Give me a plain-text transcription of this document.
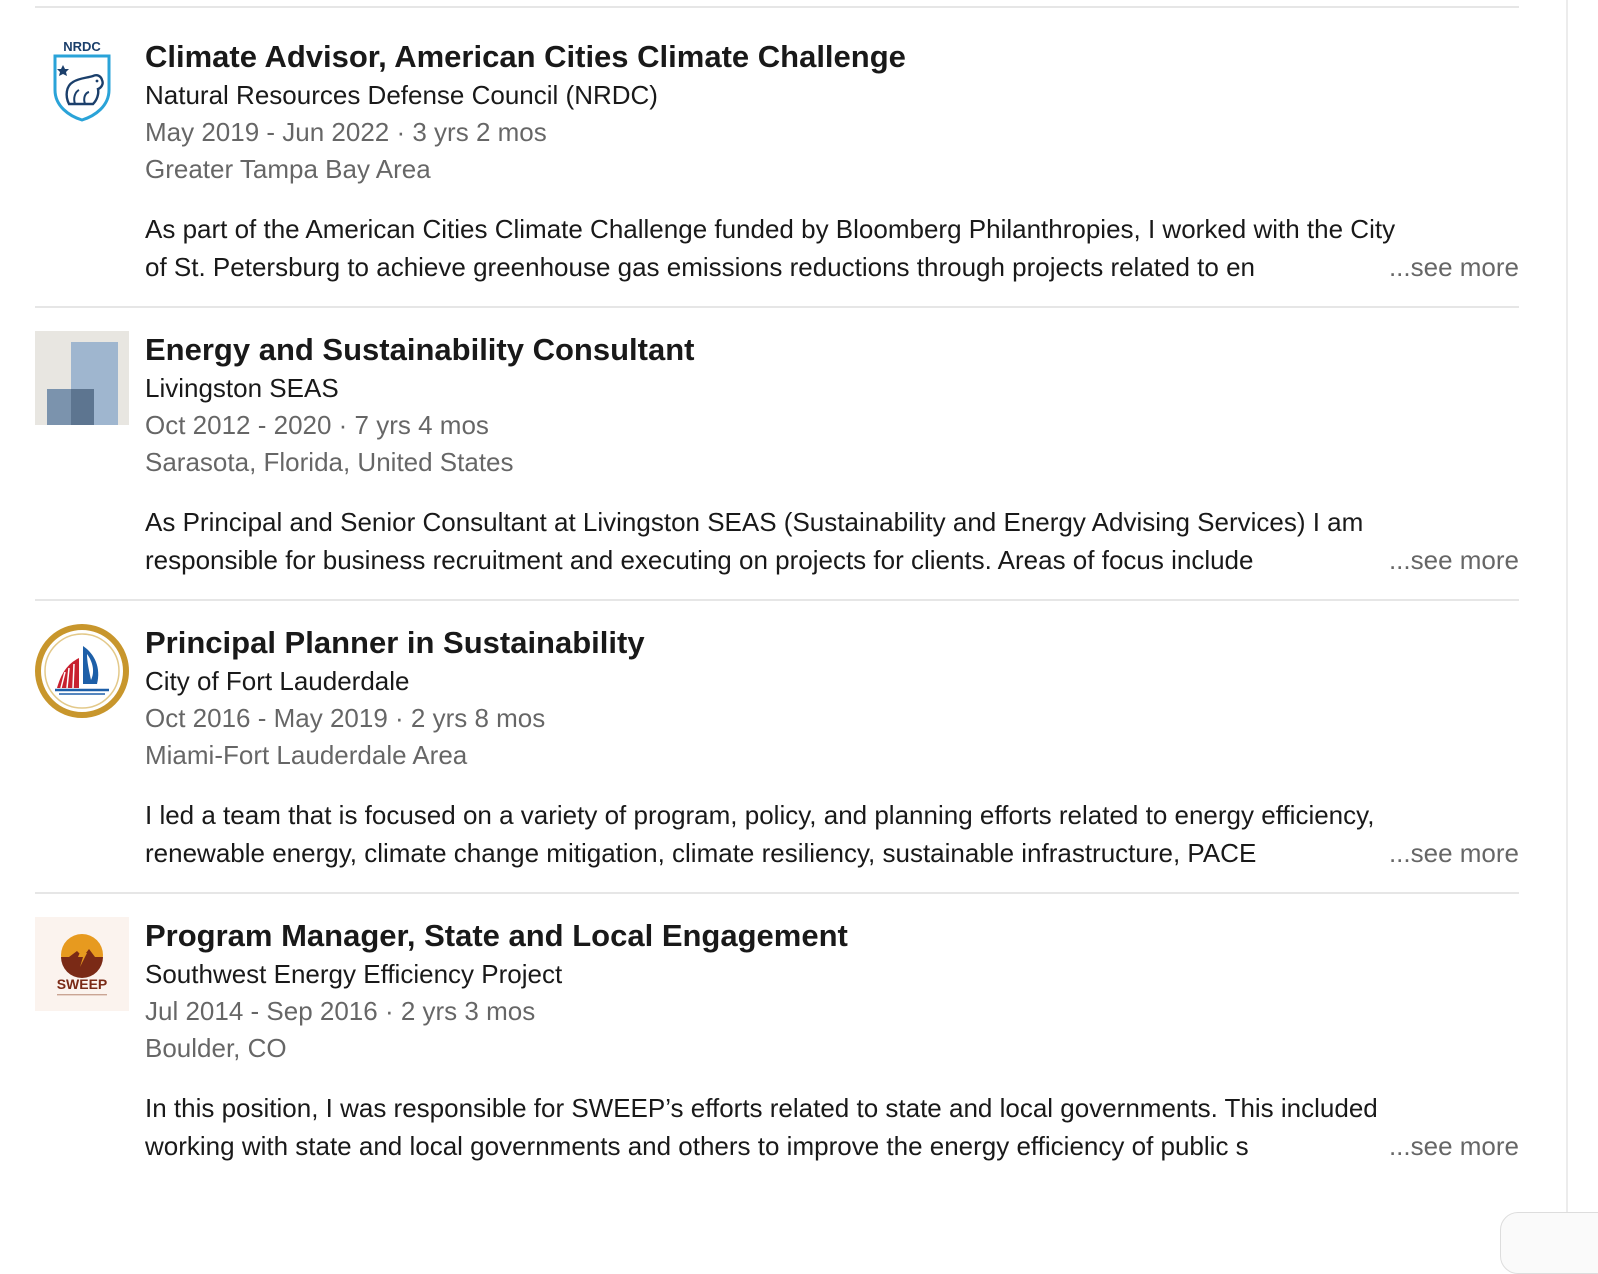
NRDC Climate Advisor, American Cities Climate Challenge
Natural Resources Defense Council (NRDC)
May 2019 - Jun 2022 · 3 yrs 2 mos
Greater Tampa Bay Area
As part of the American Cities Climate Challenge funded by Bloomberg Philanthropies, I worked with the City
of St. Petersburg to achieve greenhouse gas emissions reductions through projects related to en	...see more
Energy and Sustainability Consultant
Livingston SEAS
Oct 2012 - 2020 · 7 yrs 4 mos
Sarasota, Florida, United States
As Principal and Senior Consultant at Livingston SEAS (Sustainability and Energy Advising Services) I am
responsible for business recruitment and executing on projects for clients. Areas of focus include	...see more
Principal Planner in Sustainability
City of Fort Lauderdale
Oct 2016 - May 2019 · 2 yrs 8 mos
Miami-Fort Lauderdale Area
I led a team that is focused on a variety of program, policy, and planning efforts related to energy efficiency,
renewable energy, climate change mitigation, climate resiliency, sustainable infrastructure, PACE	...see more
SWEEP
Program Manager, State and Local Engagement
Southwest Energy Efficiency Project
Jul 2014 - Sep 2016 · 2 yrs 3 mos
Boulder, CO
In this position, I was responsible for SWEEP’s efforts related to state and local governments. This included
working with state and local governments and others to improve the energy efficiency of public s	...see more
